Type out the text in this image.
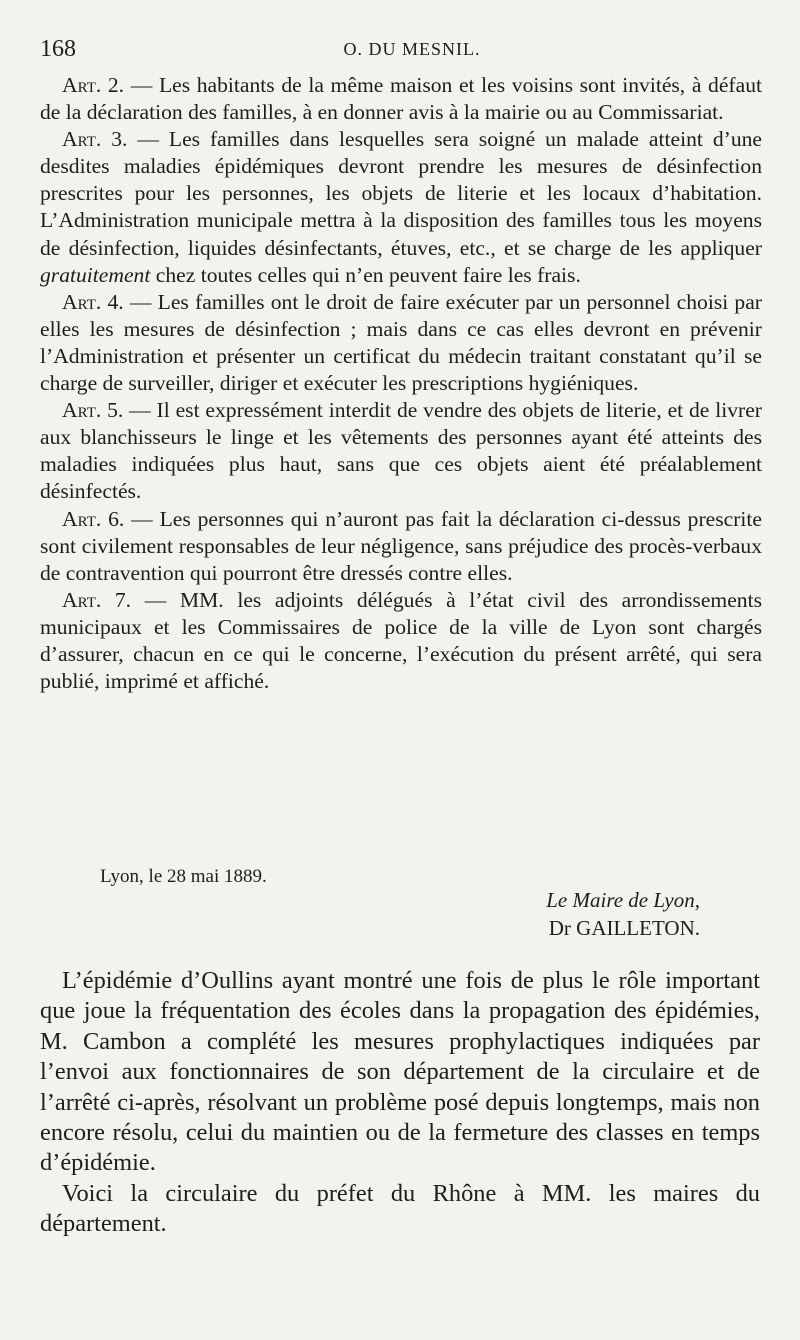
168	O. DU MESNIL.

Art. 2. — Les habitants de la même maison et les voisins sont invités, à défaut de la déclaration des familles, à en donner avis à la mairie ou au Commissariat.

Art. 3. — Les familles dans lesquelles sera soigné un malade atteint d’une desdites maladies épidémiques devront prendre les mesures de désinfection prescrites pour les personnes, les objets de literie et les locaux d’habitation. L’Administration municipale mettra à la disposition des familles tous les moyens de désinfection, liquides désinfectants, étuves, etc., et se charge de les appliquer gratuitement chez toutes celles qui n’en peuvent faire les frais.

Art. 4. — Les familles ont le droit de faire exécuter par un personnel choisi par elles les mesures de désinfection ; mais dans ce cas elles devront en prévenir l’Administration et présenter un certificat du médecin traitant constatant qu’il se charge de surveiller, diriger et exécuter les prescriptions hygiéniques.

Art. 5. — Il est expressément interdit de vendre des objets de literie, et de livrer aux blanchisseurs le linge et les vêtements des personnes ayant été atteints des maladies indiquées plus haut, sans que ces objets aient été préalablement désinfectés.

Art. 6. — Les personnes qui n’auront pas fait la déclaration ci-dessus prescrite sont civilement responsables de leur négligence, sans préjudice des procès-verbaux de contravention qui pourront être dressés contre elles.

Art. 7. — MM. les adjoints délégués à l’état civil des arrondissements municipaux et les Commissaires de police de la ville de Lyon sont chargés d’assurer, chacun en ce qui le concerne, l’exécution du présent arrêté, qui sera publié, imprimé et affiché.

Lyon, le 28 mai 1889.
Le Maire de Lyon,
Dr GAILLETON.

L’épidémie d’Oullins ayant montré une fois de plus le rôle important que joue la fréquentation des écoles dans la propagation des épidémies, M. Cambon a complété les mesures prophylactiques indiquées par l’envoi aux fonctionnaires de son département de la circulaire et de l’arrêté ci-après, résolvant un problème posé depuis longtemps, mais non encore résolu, celui du maintien ou de la fermeture des classes en temps d’épidémie.

Voici la circulaire du préfet du Rhône à MM. les maires du département.
